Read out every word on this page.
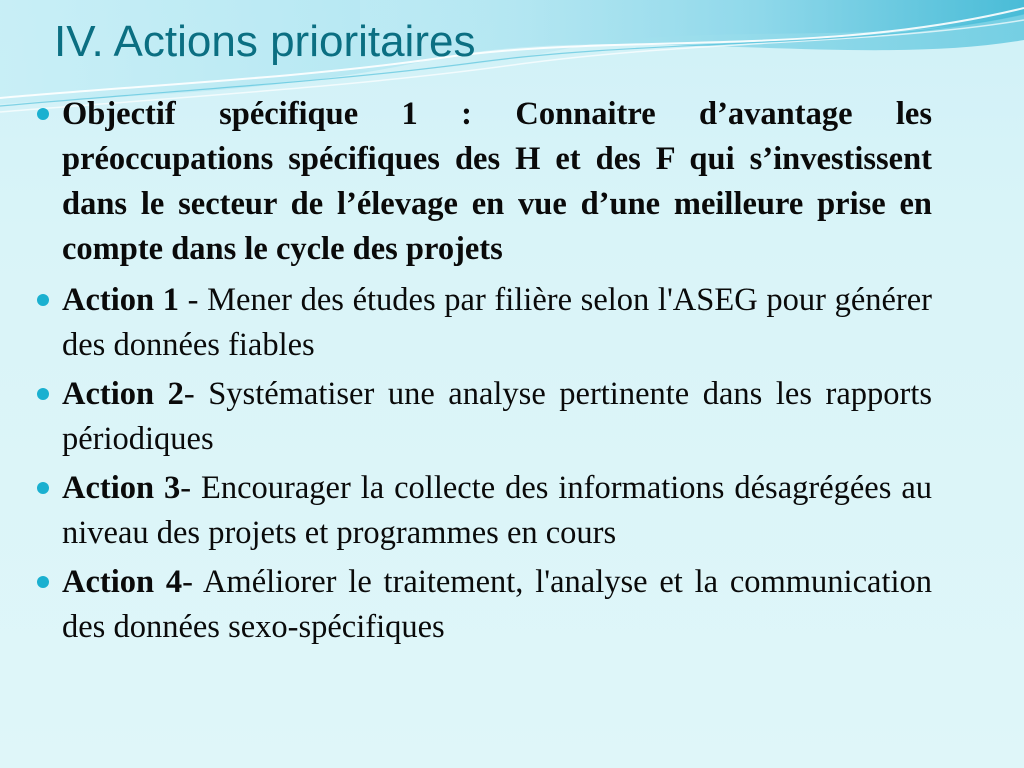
IV. Actions prioritaires
Objectif spécifique 1 : Connaitre d’avantage les préoccupations spécifiques des H et des F qui s’investissent dans le secteur de l’élevage en vue d’une meilleure prise en compte dans le cycle des projets
Action 1 - Mener des études par filière selon l'ASEG pour générer des données fiables
Action 2- Systématiser une analyse pertinente dans les rapports périodiques
Action 3- Encourager la collecte des informations désagrégées au niveau des projets et programmes en cours
Action 4- Améliorer le traitement, l'analyse et la communication des données sexo-spécifiques
